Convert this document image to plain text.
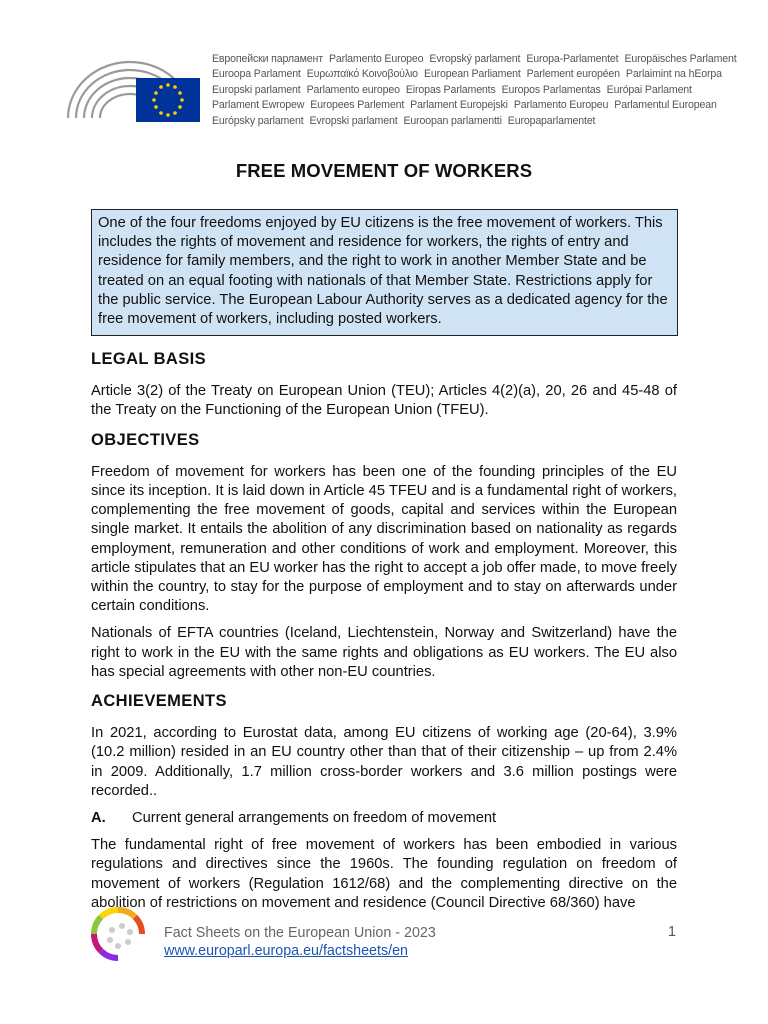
Европейски парламент Parlamento Europeo Evropský parlament Europa-Parlamentet Europäisches Parlament
Euroopa Parlament Ευρωπαϊκό Κοινοβούλιο European Parliament Parlement européen Parlaimint na hEorpa
Europski parlament Parlamento europeo Eiropas Parlaments Europos Parlamentas Európai Parlament
Parlament Ewropew Europees Parlement Parlament Europejski Parlamento Europeu Parlamentul European
Európsky parlament Evropski parlament Euroopan parlamentti Europaparlamentet
FREE MOVEMENT OF WORKERS
One of the four freedoms enjoyed by EU citizens is the free movement of workers. This includes the rights of movement and residence for workers, the rights of entry and residence for family members, and the right to work in another Member State and be treated on an equal footing with nationals of that Member State. Restrictions apply for the public service. The European Labour Authority serves as a dedicated agency for the free movement of workers, including posted workers.
LEGAL BASIS

Article 3(2) of the Treaty on European Union (TEU); Articles 4(2)(a), 20, 26 and 45-48 of the Treaty on the Functioning of the European Union (TFEU).

OBJECTIVES

Freedom of movement for workers has been one of the founding principles of the EU since its inception. It is laid down in Article 45 TFEU and is a fundamental right of workers, complementing the free movement of goods, capital and services within the European single market. It entails the abolition of any discrimination based on nationality as regards employment, remuneration and other conditions of work and employment. Moreover, this article stipulates that an EU worker has the right to accept a job offer made, to move freely within the country, to stay for the purpose of employment and to stay on afterwards under certain conditions.

Nationals of EFTA countries (Iceland, Liechtenstein, Norway and Switzerland) have the right to work in the EU with the same rights and obligations as EU workers. The EU also has special agreements with other non-EU countries.

ACHIEVEMENTS

In 2021, according to Eurostat data, among EU citizens of working age (20-64), 3.9% (10.2 million) resided in an EU country other than that of their citizenship – up from 2.4% in 2009. Additionally, 1.7 million cross-border workers and 3.6 million postings were recorded..

A. Current general arrangements on freedom of movement

The fundamental right of free movement of workers has been embodied in various regulations and directives since the 1960s. The founding regulation on freedom of movement of workers (Regulation 1612/68) and the complementing directive on the abolition of restrictions on movement and residence (Council Directive 68/360) have

Fact Sheets on the European Union - 2023
www.europarl.europa.eu/factsheets/en
1
